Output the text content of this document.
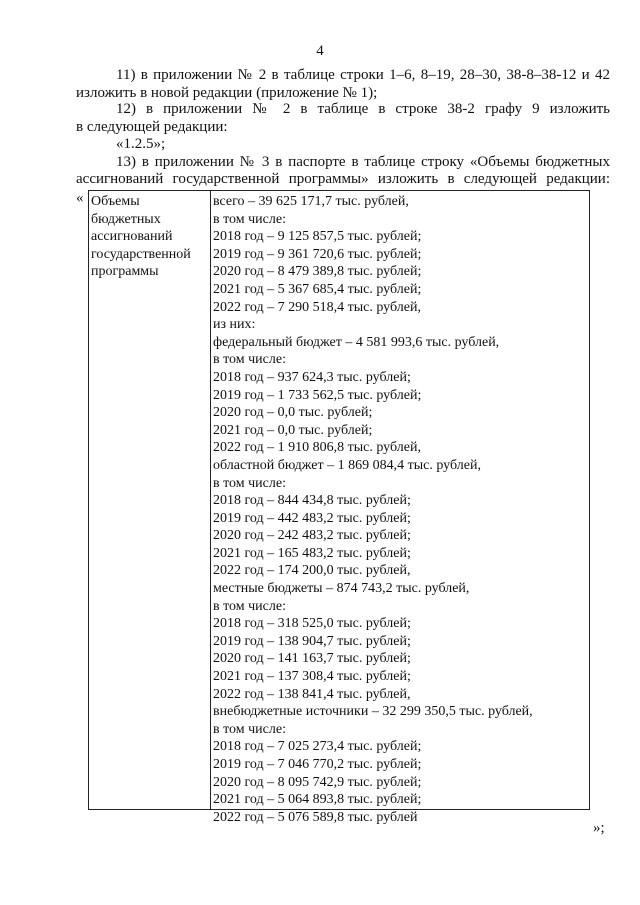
4
11) в приложении № 2 в таблице строки 1–6, 8–19, 28–30, 38-8–38-12 и 42
изложить в новой редакции (приложение № 1);
12) в приложении № 2 в таблице в строке 38-2 графу 9 изложить
в следующей редакции:
«1.2.5»;
13) в приложении № 3 в паспорте в таблице строку «Объемы бюджетных
ассигнований государственной программы» изложить в следующей редакции:
« Объемы
бюджетных
ассигнований
государственной
программы
всего – 39 625 171,7 тыс. рублей,
в том числе:
2018 год – 9 125 857,5 тыс. рублей;
2019 год – 9 361 720,6 тыс. рублей;
2020 год – 8 479 389,8 тыс. рублей;
2021 год – 5 367 685,4 тыс. рублей;
2022 год – 7 290 518,4 тыс. рублей,
из них:
федеральный бюджет – 4 581 993,6 тыс. рублей,
в том числе:
2018 год – 937 624,3 тыс. рублей;
2019 год – 1 733 562,5 тыс. рублей;
2020 год – 0,0 тыс. рублей;
2021 год – 0,0 тыс. рублей;
2022 год – 1 910 806,8 тыс. рублей,
областной бюджет – 1 869 084,4 тыс. рублей,
в том числе:
2018 год – 844 434,8 тыс. рублей;
2019 год – 442 483,2 тыс. рублей;
2020 год – 242 483,2 тыс. рублей;
2021 год – 165 483,2 тыс. рублей;
2022 год – 174 200,0 тыс. рублей,
местные бюджеты – 874 743,2 тыс. рублей,
в том числе:
2018 год – 318 525,0 тыс. рублей;
2019 год – 138 904,7 тыс. рублей;
2020 год – 141 163,7 тыс. рублей;
2021 год – 137 308,4 тыс. рублей;
2022 год – 138 841,4 тыс. рублей,
внебюджетные источники – 32 299 350,5 тыс. рублей,
в том числе:
2018 год – 7 025 273,4 тыс. рублей;
2019 год – 7 046 770,2 тыс. рублей;
2020 год – 8 095 742,9 тыс. рублей;
2021 год – 5 064 893,8 тыс. рублей;
2022 год – 5 076 589,8 тыс. рублей
»;
